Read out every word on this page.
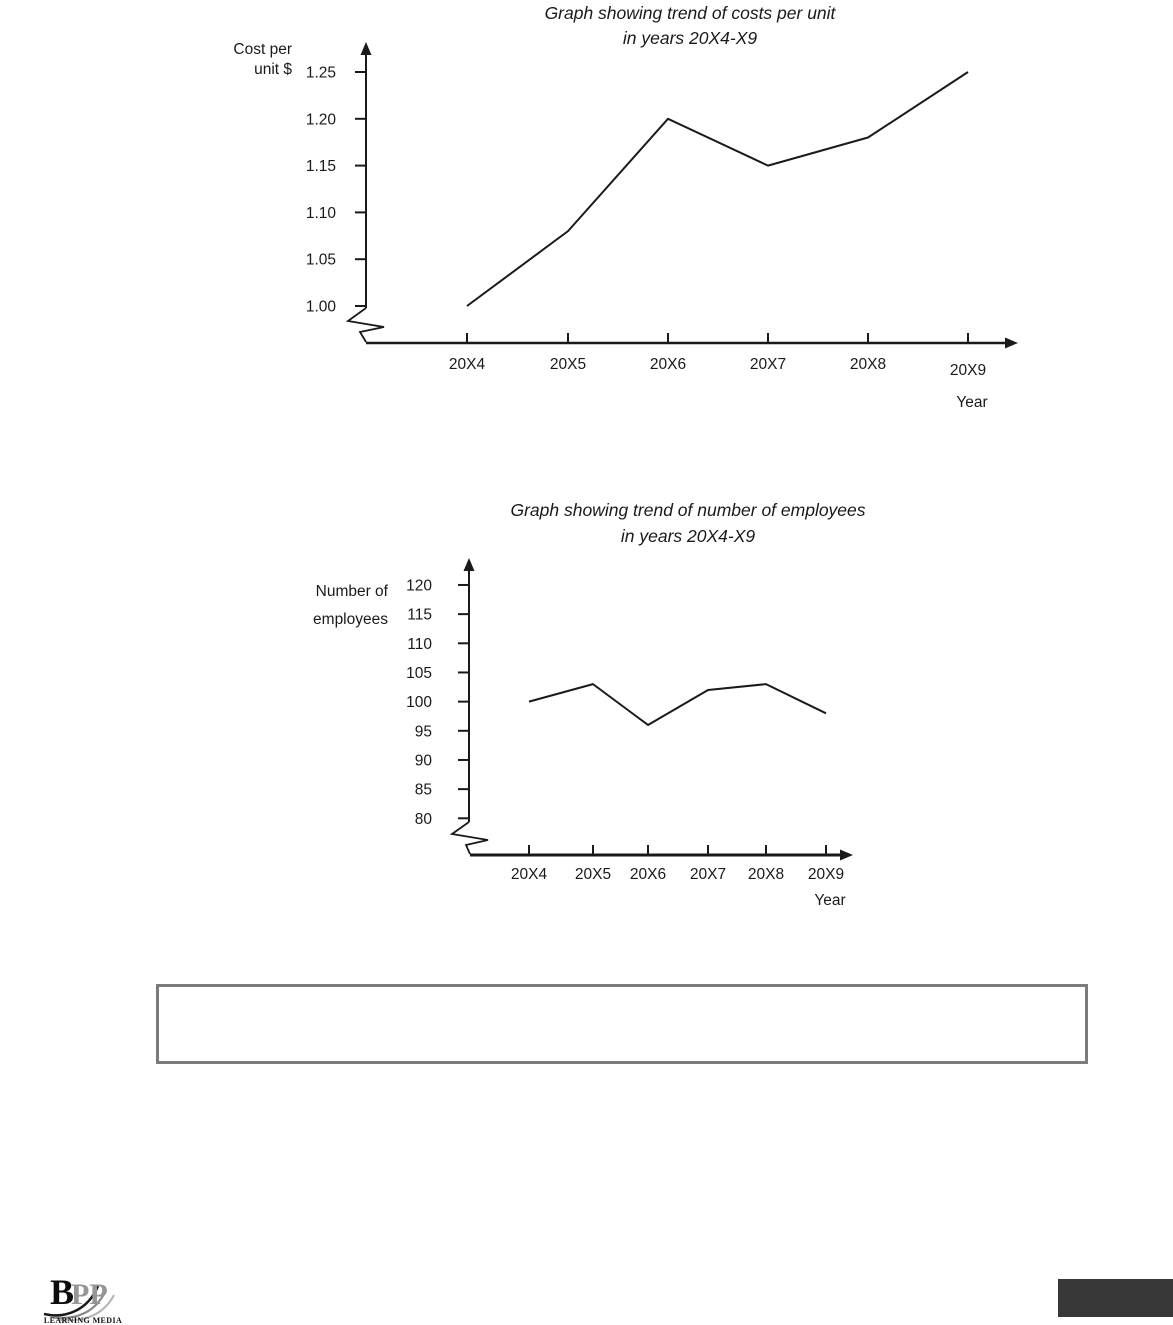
Graph showing trend of costs per unit
in years 20X4-X9
Cost per
unit $
1.00
1.05
1.10
1.15
1.20
1.25
20X4	20X5	20X6	20X7	20X8	20X9
Year
Graph showing trend of number of employees
in years 20X4-X9
Number of
employees
80
85
90
95
100
105
110
115
120
20X4 20X5 20X6 20X7 20X8 20X9
Year
BPP
LEARNING MEDIA
